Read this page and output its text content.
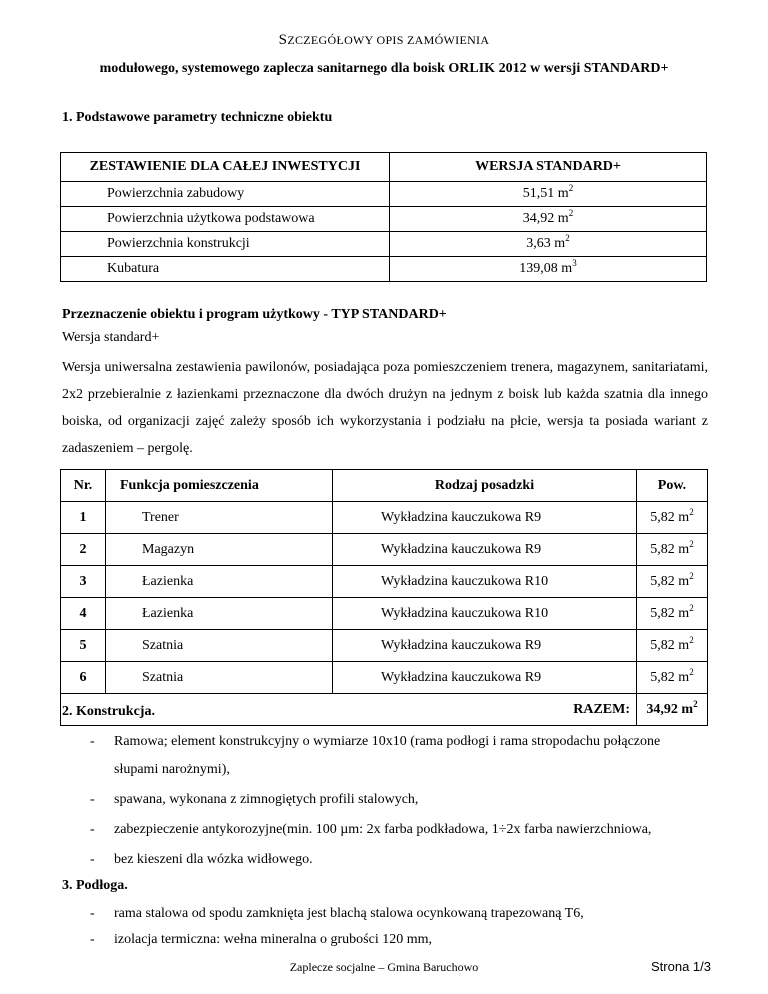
SZCZEGÓŁOWY OPIS ZAMÓWIENIA
modułowego, systemowego zaplecza sanitarnego dla boisk ORLIK 2012 w wersji STANDARD+
1. Podstawowe parametry techniczne obiektu
ZESTAWIENIE DLA CAŁEJ INWESTYCJI	WERSJA STANDARD+
Powierzchnia zabudowy	51,51 $m^2$
Powierzchnia użytkowa podstawowa	34,92 $m^2$
Powierzchnia konstrukcji	3,63 $m^2$
Kubatura	139,08 $m^3$
Przeznaczenie obiektu i program użytkowy - TYP STANDARD+
Wersja standard+
Wersja uniwersalna zestawienia pawilonów, posiadająca poza pomieszczeniem trenera, magazynem, sanitariatami, 2x2 przebieralnie z łazienkami przeznaczone dla dwóch drużyn na jednym z boisk lub każda szatnia dla innego boiska, od organizacji zajęć zależy sposób ich wykorzystania i podziału na płcie, wersja ta posiada wariant z zadaszeniem – pergolę.
Nr.	Funkcja pomieszczenia	Rodzaj posadzki	Pow.
1	Trener	Wykładzina kauczukowa R9	5,82 $m^2$
2	Magazyn	Wykładzina kauczukowa R9	5,82 $m^2$
3	Łazienka	Wykładzina kauczukowa R10	5,82 $m^2$
4	Łazienka	Wykładzina kauczukowa R10	5,82 $m^2$
5	Szatnia	Wykładzina kauczukowa R9	5,82 $m^2$
6	Szatnia	Wykładzina kauczukowa R9	5,82 $m^2$
RAZEM:			34,92 $m^2$
2. Konstrukcja.
- Ramowa; element konstrukcyjny o wymiarze 10x10 (rama podłogi i rama stropodachu połączone
słupami narożnymi),
- spawana, wykonana z zimnogiętych profili stalowych,
- zabezpieczenie antykorozyjne(min. 100 µm: 2x farba podkładowa, 1÷2x farba nawierzchniowa,
- bez kieszeni dla wózka widłowego.
3. Podłoga.
- rama stalowa od spodu zamknięta jest blachą stalowa ocynkowaną trapezowaną T6,
- izolacja termiczna: wełna mineralna o grubości 120 mm,
Zaplecze socjalne – Gmina Baruchowo	Strona 1/3
